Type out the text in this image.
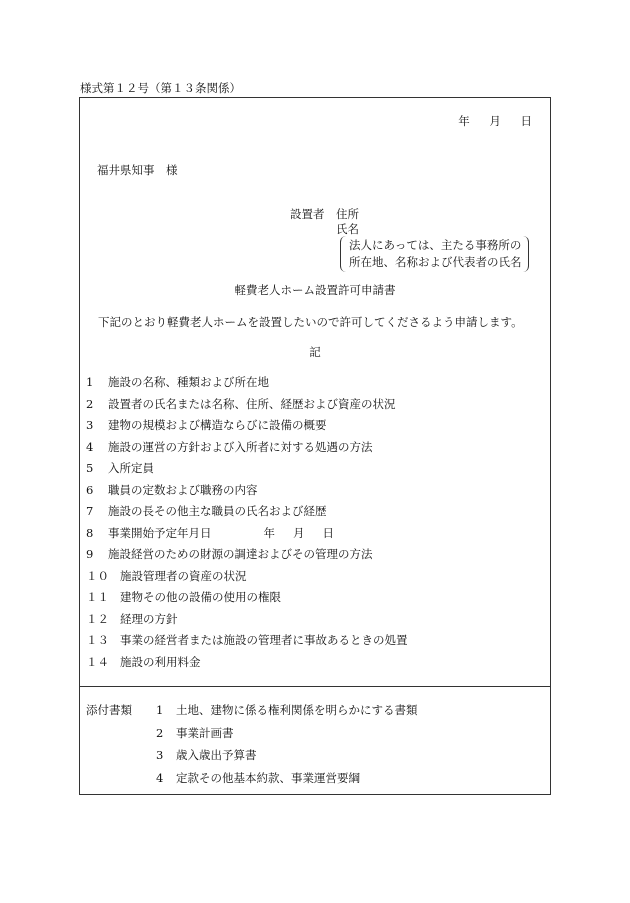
様式第１２号（第１３条関係）
年 月 日
福井県知事　様
設置者 住所
氏名
法人にあっては、主たる事務所の
所在地、名称および代表者の氏名
軽費老人ホーム設置許可申請書
下記のとおり軽費老人ホームを設置したいので許可してくださるよう申請します。
記
1	施設の名称、種類および所在地
2	設置者の氏名または名称、住所、経歴および資産の状況
3	建物の規模および構造ならびに設備の概要
4	施設の運営の方針および入所者に対する処遇の方法
5	入所定員
6	職員の定数および職務の内容
7	施設の長その他主な職員の氏名および経歴
8	事業開始予定年月日	年 月 日
9	施設経営のための財源の調達およびその管理の方法
１０ 施設管理者の資産の状況
１１ 建物その他の設備の使用の権限
１２ 経理の方針
１３ 事業の経営者または施設の管理者に事故あるときの処置
１４ 施設の利用料金
添付書類 1 土地、建物に係る権利関係を明らかにする書類
2 事業計画書
3 歳入歳出予算書
4 定款その他基本約款、事業運営要綱
